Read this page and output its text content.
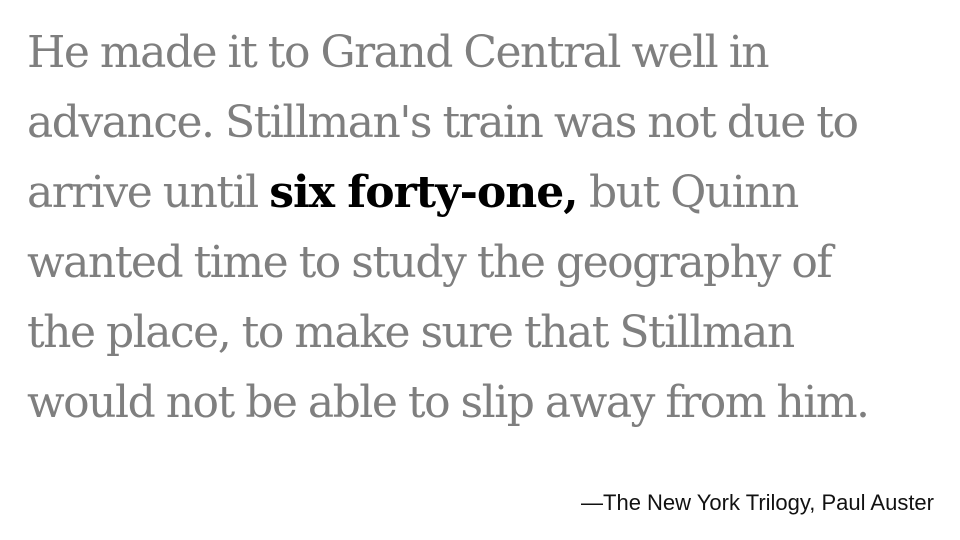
He made it to Grand Central well in
advance. Stillman's train was not due to
arrive until six forty-one, but Quinn
wanted time to study the geography of
the place, to make sure that Stillman
would not be able to slip away from him.

—The New York Trilogy, Paul Auster
